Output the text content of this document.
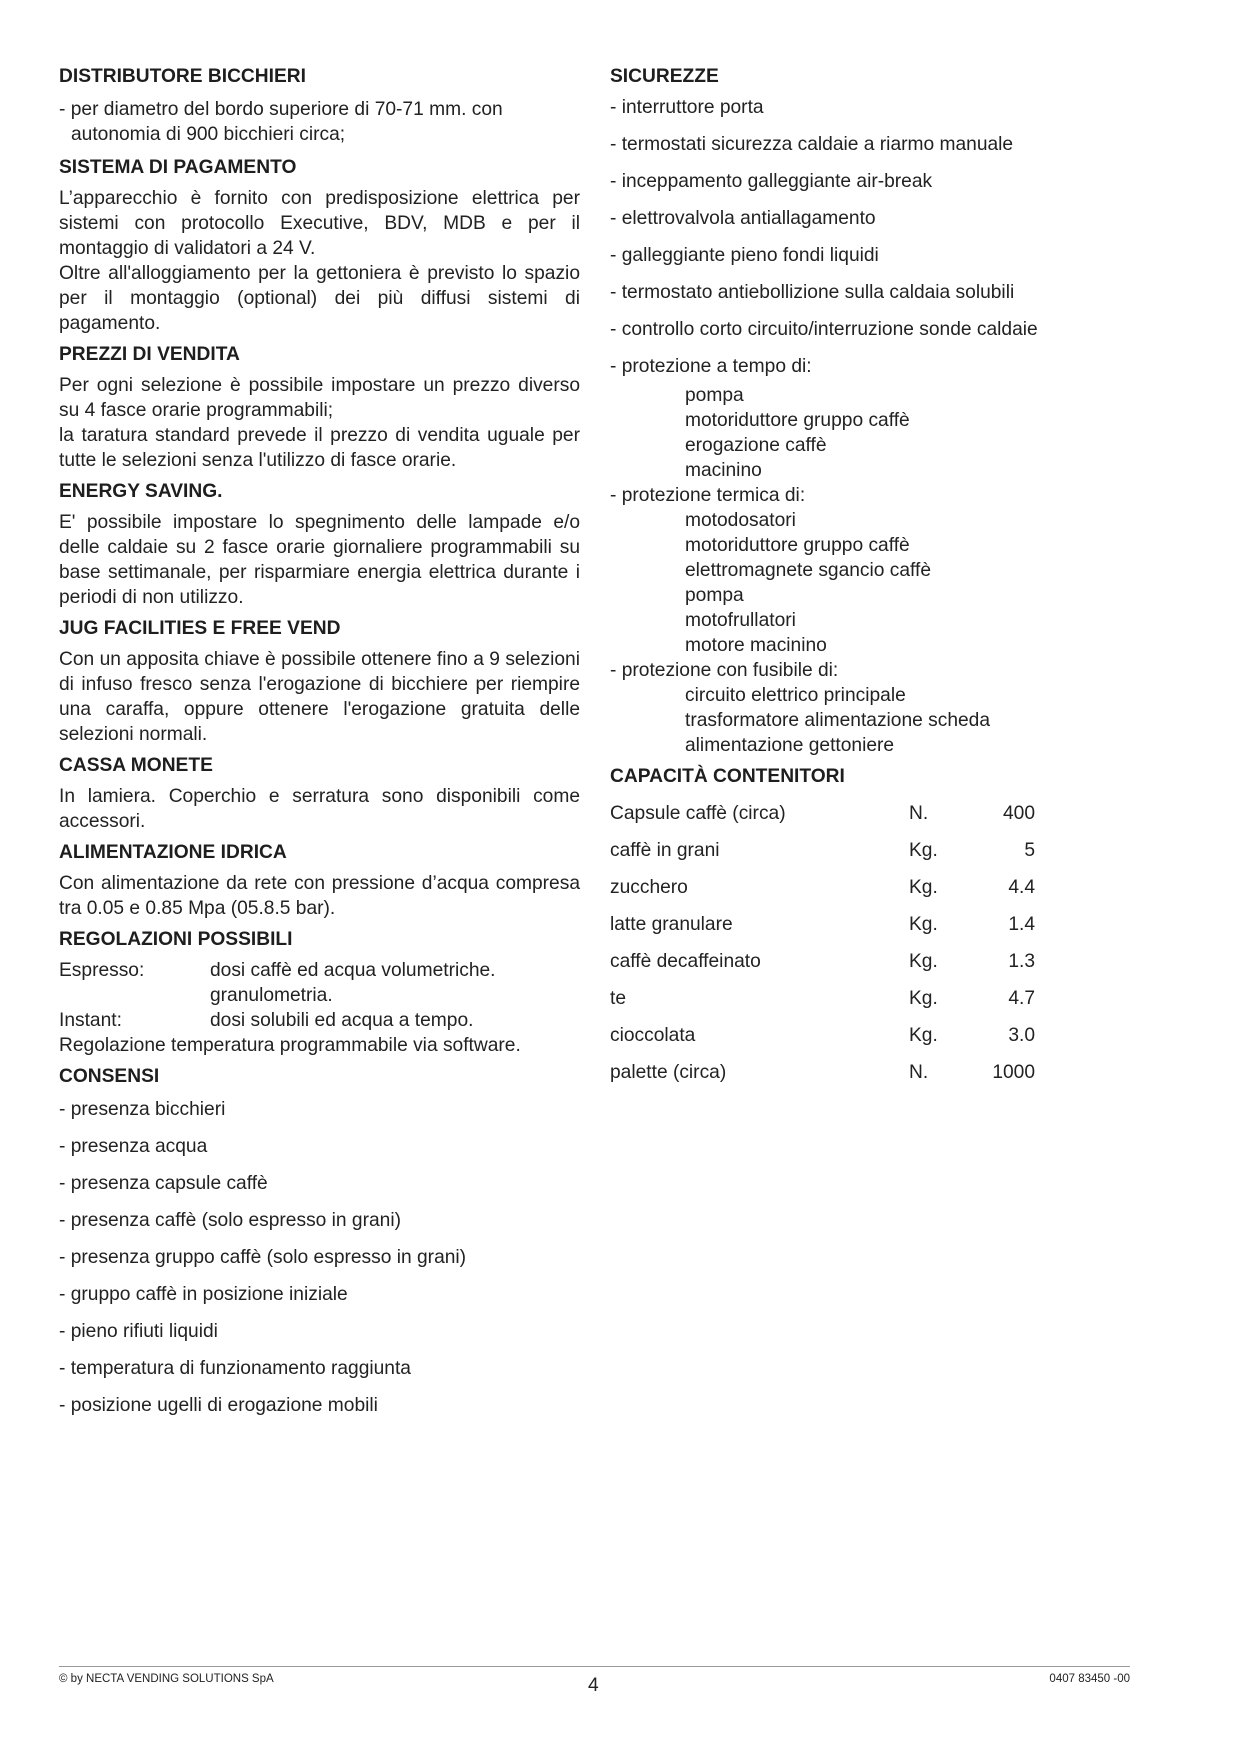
DISTRIBUTORE BICCHIERI
- per diametro del bordo superiore di 70-71 mm. con autonomia di 900 bicchieri circa;
SISTEMA DI PAGAMENTO
L’apparecchio è fornito con predisposizione elettrica per sistemi con protocollo Executive, BDV, MDB e per il montaggio di validatori a 24 V.
Oltre all'alloggiamento per la gettoniera è previsto lo spazio per il montaggio (optional) dei più diffusi sistemi di pagamento.
PREZZI DI VENDITA
Per ogni selezione è possibile impostare un prezzo diverso su 4 fasce orarie programmabili;
la taratura standard prevede il prezzo di vendita uguale per tutte le selezioni senza l'utilizzo di fasce orarie.
ENERGY SAVING.
E' possibile impostare lo spegnimento delle lampade e/o delle caldaie su 2 fasce orarie giornaliere programmabili su base settimanale, per risparmiare energia elettrica durante i periodi di non utilizzo.
JUG FACILITIES E FREE VEND
Con un apposita chiave è possibile ottenere fino a 9 selezioni di infuso fresco senza l'erogazione di bicchiere per riempire una caraffa, oppure ottenere l'erogazione gratuita delle selezioni normali.
CASSA MONETE
In lamiera. Coperchio e serratura sono disponibili come accessori.
ALIMENTAZIONE IDRICA
Con alimentazione da rete con pressione d’acqua compresa tra 0.05 e 0.85 Mpa (05.8.5 bar).
REGOLAZIONI POSSIBILI
Espresso:	dosi caffè ed acqua volumetriche.
granulometria.
Instant:	dosi solubili ed acqua a tempo.
Regolazione temperatura programmabile via software.
CONSENSI
- presenza bicchieri
- presenza acqua
- presenza capsule caffè
- presenza caffè (solo espresso in grani)
- presenza gruppo caffè (solo espresso in grani)
- gruppo caffè in posizione iniziale
- pieno rifiuti liquidi
- temperatura di funzionamento raggiunta
- posizione ugelli di erogazione mobili
SICUREZZE
- interruttore porta
- termostati sicurezza caldaie a riarmo manuale
- inceppamento galleggiante air-break
- elettrovalvola antiallagamento
- galleggiante pieno fondi liquidi
- termostato antiebollizione sulla caldaia solubili
- controllo corto circuito/interruzione sonde caldaie
- protezione a tempo di:
pompa
motoriduttore gruppo caffè
erogazione caffè
macinino
- protezione termica di:
motodosatori
motoriduttore gruppo caffè
elettromagnete sgancio caffè
pompa
motofrullatori
motore macinino
- protezione con fusibile di:
circuito elettrico principale
trasformatore alimentazione scheda
alimentazione gettoniere
CAPACITÀ CONTENITORI
Capsule caffè (circa)	N.	400
caffè in grani	Kg.	5
zucchero	Kg.	4.4
latte granulare	Kg.	1.4
caffè decaffeinato	Kg.	1.3
te	Kg.	4.7
cioccolata	Kg.	3.0
palette (circa)	N.	1000
© by NECTA VENDING SOLUTIONS SpA	4	0407 83450 -00
